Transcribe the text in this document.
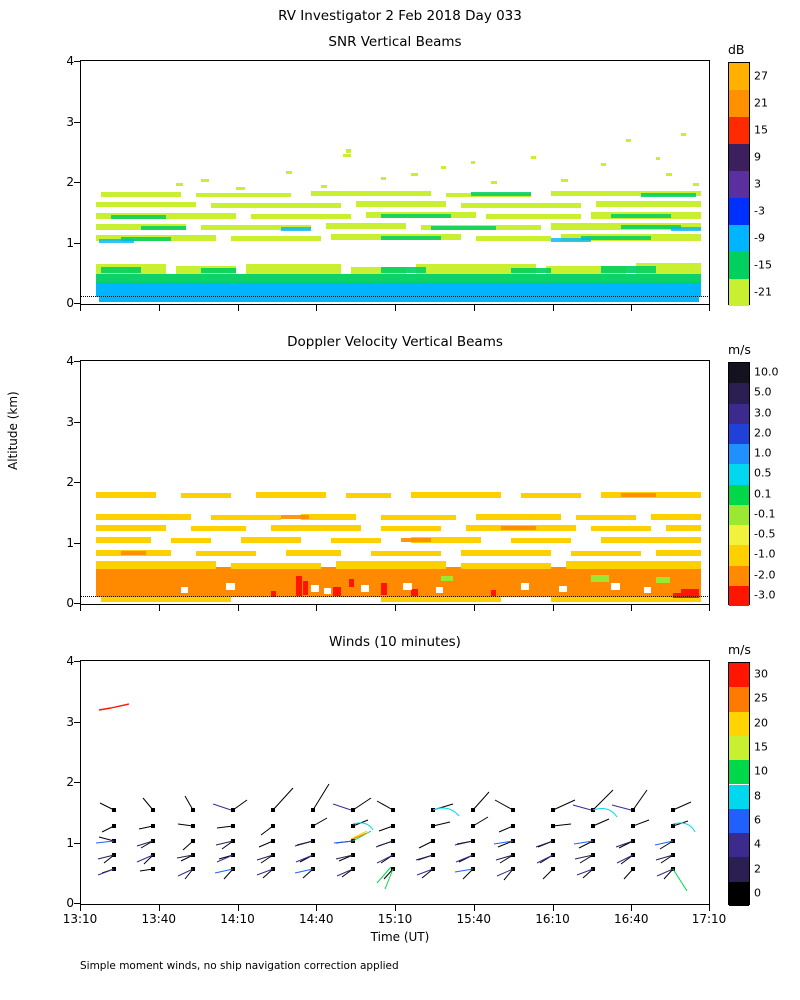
RV Investigator 2 Feb 2018 Day 033
Altitude (km)
Time (UT)
Simple moment winds, no ship navigation correction applied
SNR Vertical Beams
0
1
2
3
4
dB
Doppler Velocity Vertical Beams
0
1
2
3
4
m/s
Winds (10 minutes)
0
1
2
3
4
13:10	13:40	14:10	14:40	15:10	15:40	16:10	16:40	17:10
m/s
27
21
15
9
3
-3
-9
-15
-21
10.0
5.0
3.0
2.0
1.0
0.5
0.1
-0.1
-0.5
-1.0
-2.0
-3.0
30
25
20
15
10
8
6
4
2
0
